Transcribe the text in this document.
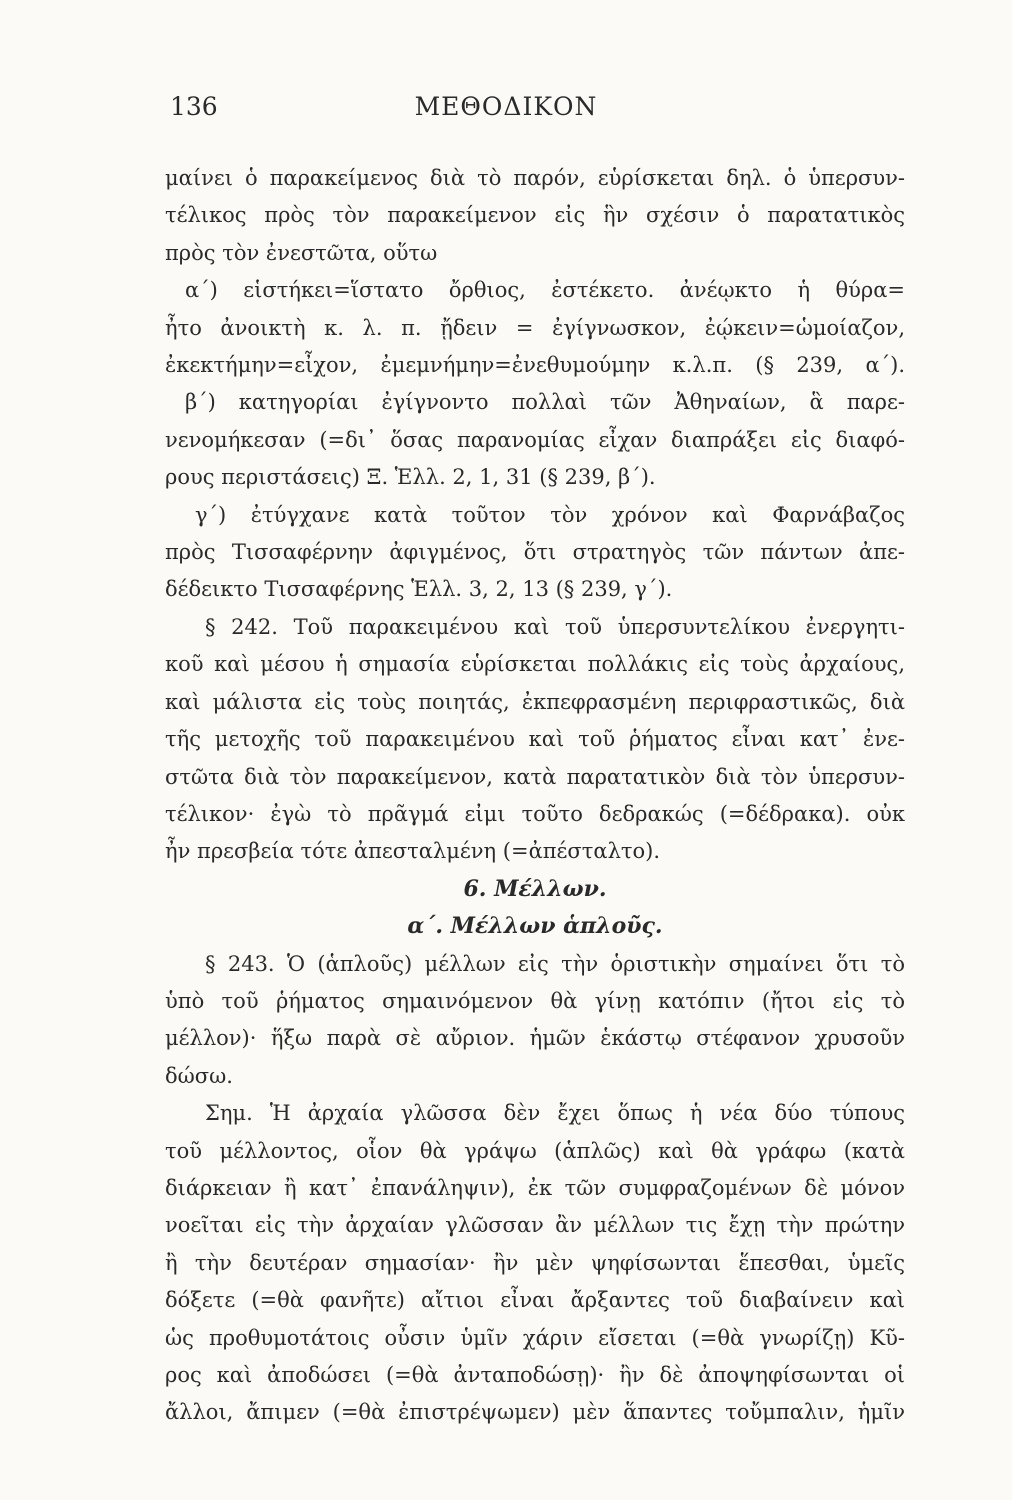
136	ΜΕΘΟΔΙΚΟΝ
μαίνει ὁ παρακείμενος διὰ τὸ παρόν, εὑρίσκεται δηλ. ὁ ὑπερσυν-
τέλικος πρὸς τὸν παρακείμενον εἰς ἣν σχέσιν ὁ παρατατικὸς
πρὸς τὸν ἐνεστῶτα, οὕτω
α΄) εἱστήκει=ἵστατο ὄρθιος, ἐστέκετο. ἀνέῳκτο ἡ θύρα=
ἦτο ἀνοικτὴ κ. λ. π. ᾔδειν = ἐγίγνωσκον, ἐῴκειν=ὡμοίαζον,
ἐκεκτήμην=εἶχον, ἐμεμνήμην=ἐνεθυμούμην κ.λ.π. (§ 239, α΄).
β΄) κατηγορίαι ἐγίγνοντο πολλαὶ τῶν Ἀθηναίων, ἃ παρε-
νενομήκεσαν (=δι᾽ ὅσας παρανομίας εἶχαν διαπράξει εἰς διαφό-
ρους περιστάσεις) Ξ. Ἑλλ. 2, 1, 31 (§ 239, β΄).
γ΄) ἐτύγχανε κατὰ τοῦτον τὸν χρόνον καὶ Φαρνάβαζος
πρὸς Τισσαφέρνην ἀφιγμένος, ὅτι στρατηγὸς τῶν πάντων ἀπε-
δέδεικτο Τισσαφέρνης Ἑλλ. 3, 2, 13 (§ 239, γ΄).
§ 242. Τοῦ παρακειμένου καὶ τοῦ ὑπερσυντελίκου ἐνεργητι-
κοῦ καὶ μέσου ἡ σημασία εὑρίσκεται πολλάκις εἰς τοὺς ἀρχαίους,
καὶ μάλιστα εἰς τοὺς ποιητάς, ἐκπεφρασμένη περιφραστικῶς, διὰ
τῆς μετοχῆς τοῦ παρακειμένου καὶ τοῦ ῥήματος εἶναι κατ᾽ ἐνε-
στῶτα διὰ τὸν παρακείμενον, κατὰ παρατατικὸν διὰ τὸν ὑπερσυν-
τέλικον· ἐγὼ τὸ πρᾶγμά εἰμι τοῦτο δεδρακώς (=δέδρακα). οὐκ
ἦν πρεσβεία τότε ἀπεσταλμένη (=ἀπέσταλτο).
6. Μέλλων.
α΄. Μέλλων ἁπλοῦς.
§ 243. Ὁ (ἁπλοῦς) μέλλων εἰς τὴν ὁριστικὴν σημαίνει ὅτι τὸ
ὑπὸ τοῦ ῥήματος σημαινόμενον θὰ γίνῃ κατόπιν (ἤτοι εἰς τὸ
μέλλον)· ἥξω παρὰ σὲ αὔριον. ἡμῶν ἑκάστῳ στέφανον χρυσοῦν
δώσω.
Σημ. Ἡ ἀρχαία γλῶσσα δὲν ἔχει ὅπως ἡ νέα δύο τύπους
τοῦ μέλλοντος, οἷον θὰ γράψω (ἁπλῶς) καὶ θὰ γράφω (κατὰ
διάρκειαν ἢ κατ᾽ ἐπανάληψιν), ἐκ τῶν συμφραζομένων δὲ μόνον
νοεῖται εἰς τὴν ἀρχαίαν γλῶσσαν ἂν μέλλων τις ἔχῃ τὴν πρώτην
ἢ τὴν δευτέραν σημασίαν· ἢν μὲν ψηφίσωνται ἕπεσθαι, ὑμεῖς
δόξετε (=θὰ φανῆτε) αἴτιοι εἶναι ἄρξαντες τοῦ διαβαίνειν καὶ
ὡς προθυμοτάτοις οὖσιν ὑμῖν χάριν εἴσεται (=θὰ γνωρίζῃ) Κῦ-
ρος καὶ ἀποδώσει (=θὰ ἀνταποδώσῃ)· ἢν δὲ ἀποψηφίσωνται οἱ
ἄλλοι, ἄπιμεν (=θὰ ἐπιστρέψωμεν) μὲν ἅπαντες τοὔμπαλιν, ἡμῖν
